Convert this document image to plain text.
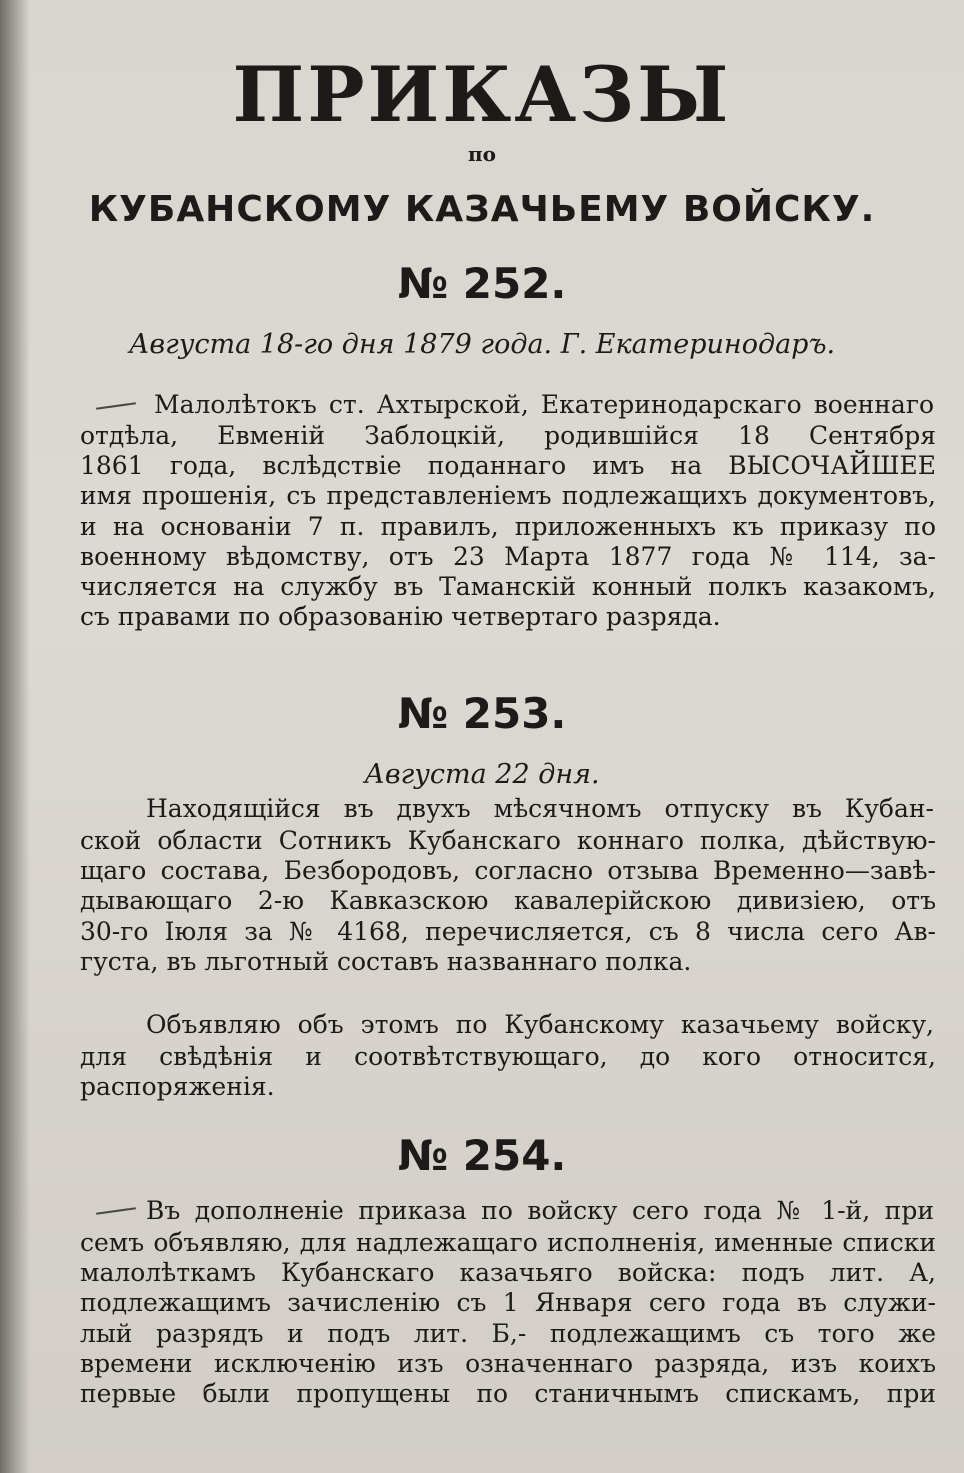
ПРИКАЗЫ
по
КУБАНСКОМУ КАЗАЧЬЕМУ ВОЙСКУ.
№ 252.
Августа 18-го дня 1879 года. Г. Екатеринодаръ.
Малолѣтокъ ст. Ахтырской, Екатеринодарскаго военнаго
отдѣла, Евменiй Заблоцкiй, родившiйся 18 Сентября
1861 года, вслѣдствiе поданнаго имъ на ВЫСОЧАЙШЕЕ
имя прошенiя, съ представленiемъ подлежащихъ документовъ,
и на основанiи 7 п. правилъ, приложенныхъ къ приказу по
военному вѣдомству, отъ 23 Марта 1877 года № 114, за-
числяется на службу въ Таманскiй конный полкъ казакомъ,
съ правами по образованiю четвертаго разряда.
№ 253.
Августа 22 дня.
Находящiйся въ двухъ мѣсячномъ отпуску въ Кубан-
ской области Сотникъ Кубанскаго коннаго полка, дѣйствую-
щаго состава, Безбородовъ, согласно отзыва Временно—завѣ-
дывающаго 2-ю Кавказскою кавалерiйскою дивизiею, отъ
30-го Iюля за № 4168, перечисляется, съ 8 числа сего Ав-
густа, въ льготный составъ названнаго полка.
Объявляю объ этомъ по Кубанскому казачьему войску,
для свѣдѣнiя и соотвѣтствующаго, до кого относится,
распоряженiя.
№ 254.
Въ дополненiе приказа по войску сего года № 1-й, при
семъ объявляю, для надлежащаго исполненiя, именные списки
малолѣткамъ Кубанскаго казачьяго войска: подъ лит. А,
подлежащимъ зачисленiю съ 1 Января сего года въ служи-
лый разрядъ и подъ лит. Б,- подлежащимъ съ того же
времени исключенiю изъ означеннаго разряда, изъ коихъ
первые были пропущены по станичнымъ спискамъ, при
